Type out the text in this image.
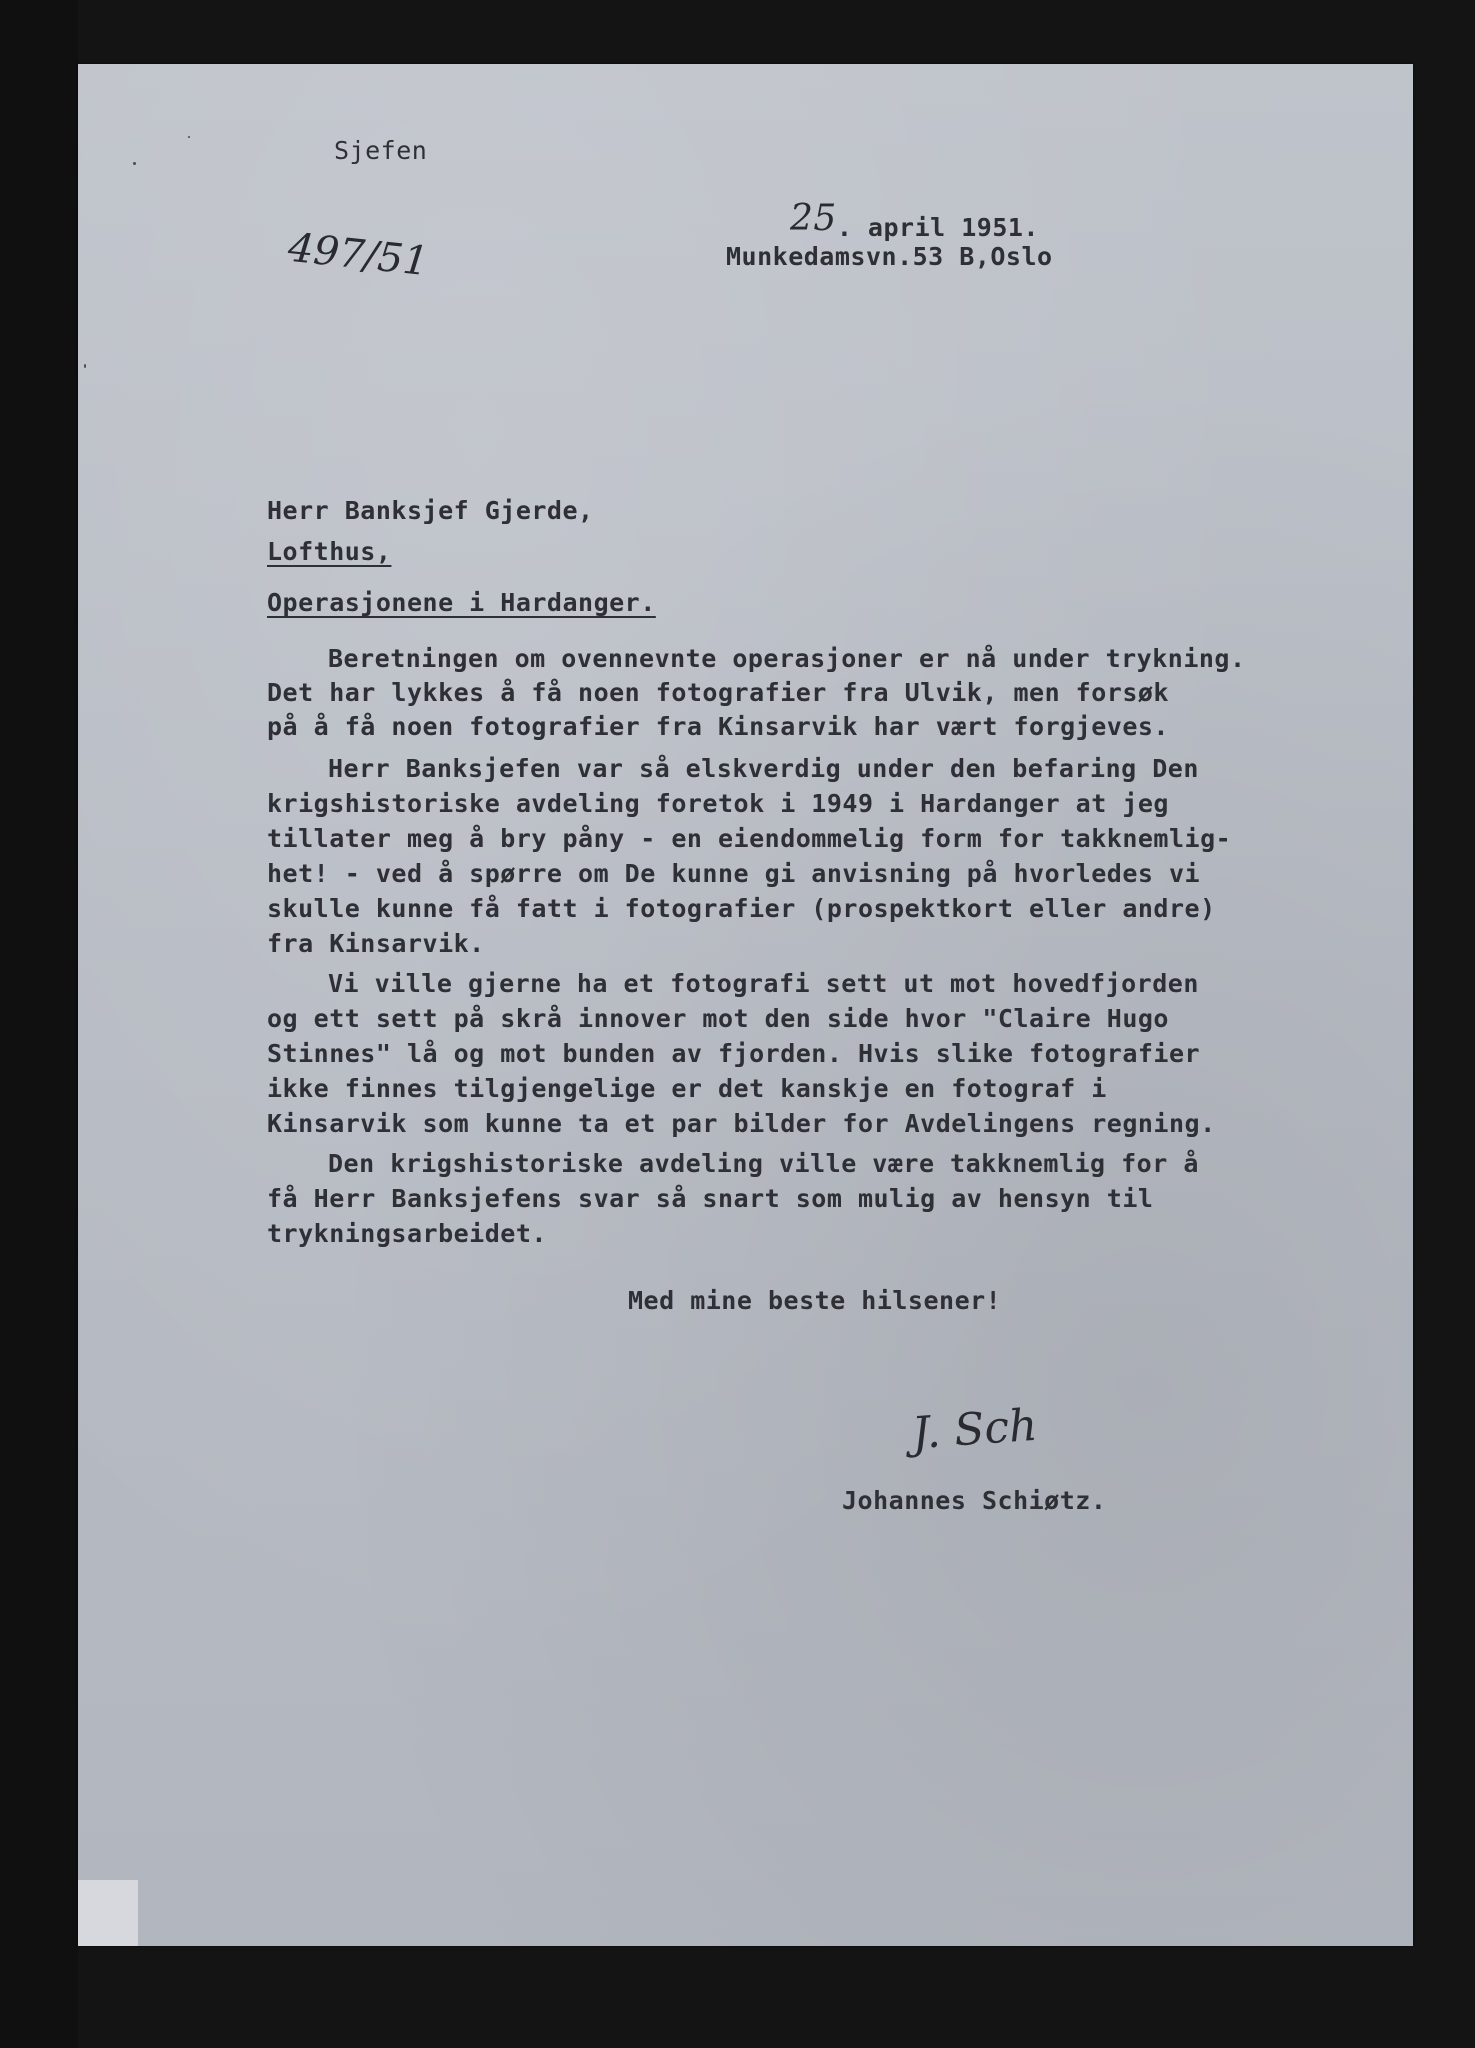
Sjefen
497/51
25. april 1951.
Munkedamsvn.53 B,Oslo
Herr Banksjef Gjerde,
Lofthus,
Operasjonene i Hardanger.
Beretningen om ovennevnte operasjoner er nå under trykning.
Det har lykkes å få noen fotografier fra Ulvik, men forsøk
på å få noen fotografier fra Kinsarvik har vært forgjeves.
Herr Banksjefen var så elskverdig under den befaring Den
krigshistoriske avdeling foretok i 1949 i Hardanger at jeg
tillater meg å bry påny - en eiendommelig form for takknemlig-
het! - ved å spørre om De kunne gi anvisning på hvorledes vi
skulle kunne få fatt i fotografier (prospektkort eller andre)
fra Kinsarvik.
Vi ville gjerne ha et fotografi sett ut mot hovedfjorden
og ett sett på skrå innover mot den side hvor "Claire Hugo
Stinnes" lå og mot bunden av fjorden. Hvis slike fotografier
ikke finnes tilgjengelige er det kanskje en fotograf i
Kinsarvik som kunne ta et par bilder for Avdelingens regning.
Den krigshistoriske avdeling ville være takknemlig for å
få Herr Banksjefens svar så snart som mulig av hensyn til
trykningsarbeidet.
Med mine beste hilsener!
J. Sch
Johannes Schiøtz.
